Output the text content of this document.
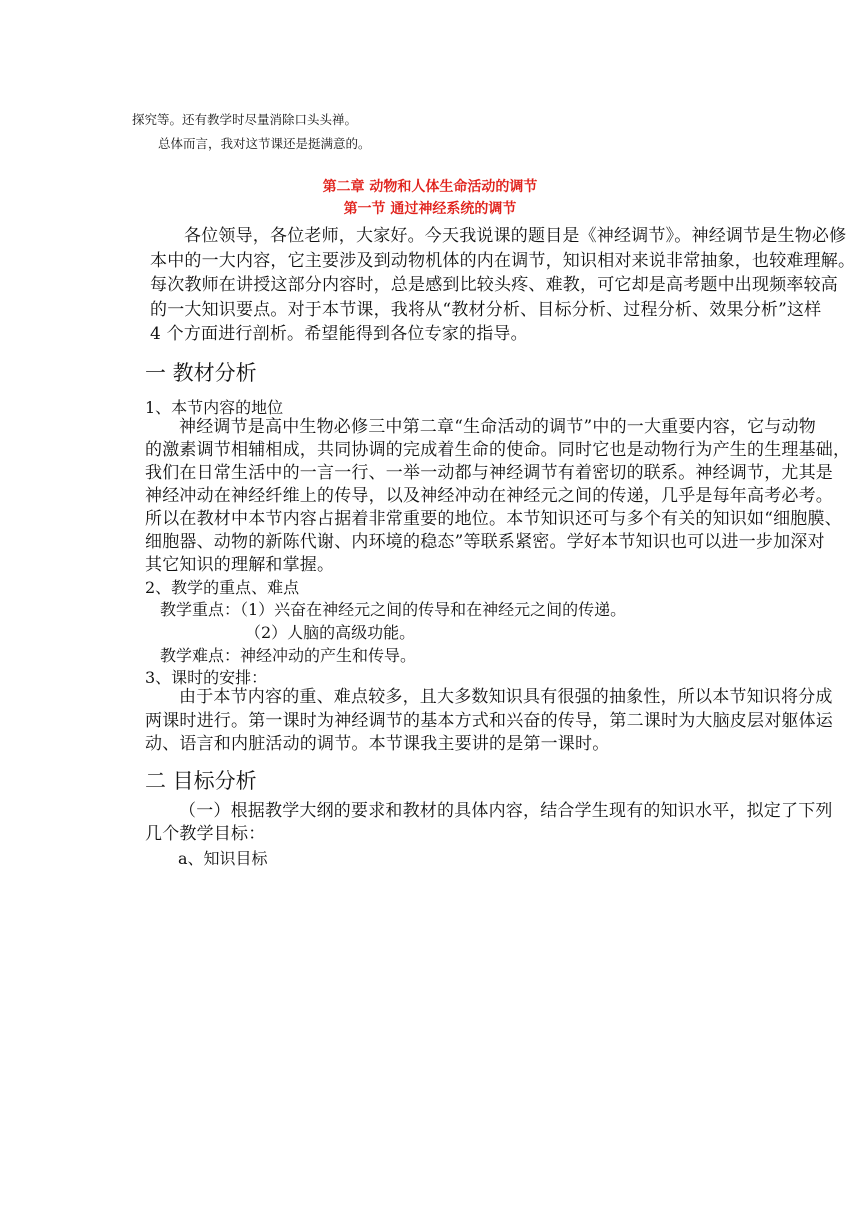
探究等。还有教学时尽量消除口头头禅。
总体而言，我对这节课还是挺满意的。
第二章 动物和人体生命活动的调节
第一节 通过神经系统的调节
各位领导，各位老师，大家好。今天我说课的题目是《神经调节》。神经调节是生物必修
本中的一大内容，它主要涉及到动物机体的内在调节，知识相对来说非常抽象，也较难理解。
每次教师在讲授这部分内容时，总是感到比较头疼、难教，可它却是高考题中出现频率较高
的一大知识要点。对于本节课，我将从“教材分析、目标分析、过程分析、效果分析”这样
4 个方面进行剖析。希望能得到各位专家的指导。
一 教材分析
1、本节内容的地位
神经调节是高中生物必修三中第二章“生命活动的调节”中的一大重要内容，它与动物
的激素调节相辅相成，共同协调的完成着生命的使命。同时它也是动物行为产生的生理基础，
我们在日常生活中的一言一行、一举一动都与神经调节有着密切的联系。神经调节，尤其是
神经冲动在神经纤维上的传导，以及神经冲动在神经元之间的传递，几乎是每年高考必考。
所以在教材中本节内容占据着非常重要的地位。本节知识还可与多个有关的知识如“细胞膜、
细胞器、动物的新陈代谢、内环境的稳态”等联系紧密。学好本节知识也可以进一步加深对
其它知识的理解和掌握。
2、教学的重点、难点
教学重点：（1）兴奋在神经元之间的传导和在神经元之间的传递。
（2）人脑的高级功能。
教学难点：神经冲动的产生和传导。
3、课时的安排：
由于本节内容的重、难点较多，且大多数知识具有很强的抽象性，所以本节知识将分成
两课时进行。第一课时为神经调节的基本方式和兴奋的传导，第二课时为大脑皮层对躯体运
动、语言和内脏活动的调节。本节课我主要讲的是第一课时。
二 目标分析
（一）根据教学大纲的要求和教材的具体内容，结合学生现有的知识水平，拟定了下列
几个教学目标：
a、知识目标
